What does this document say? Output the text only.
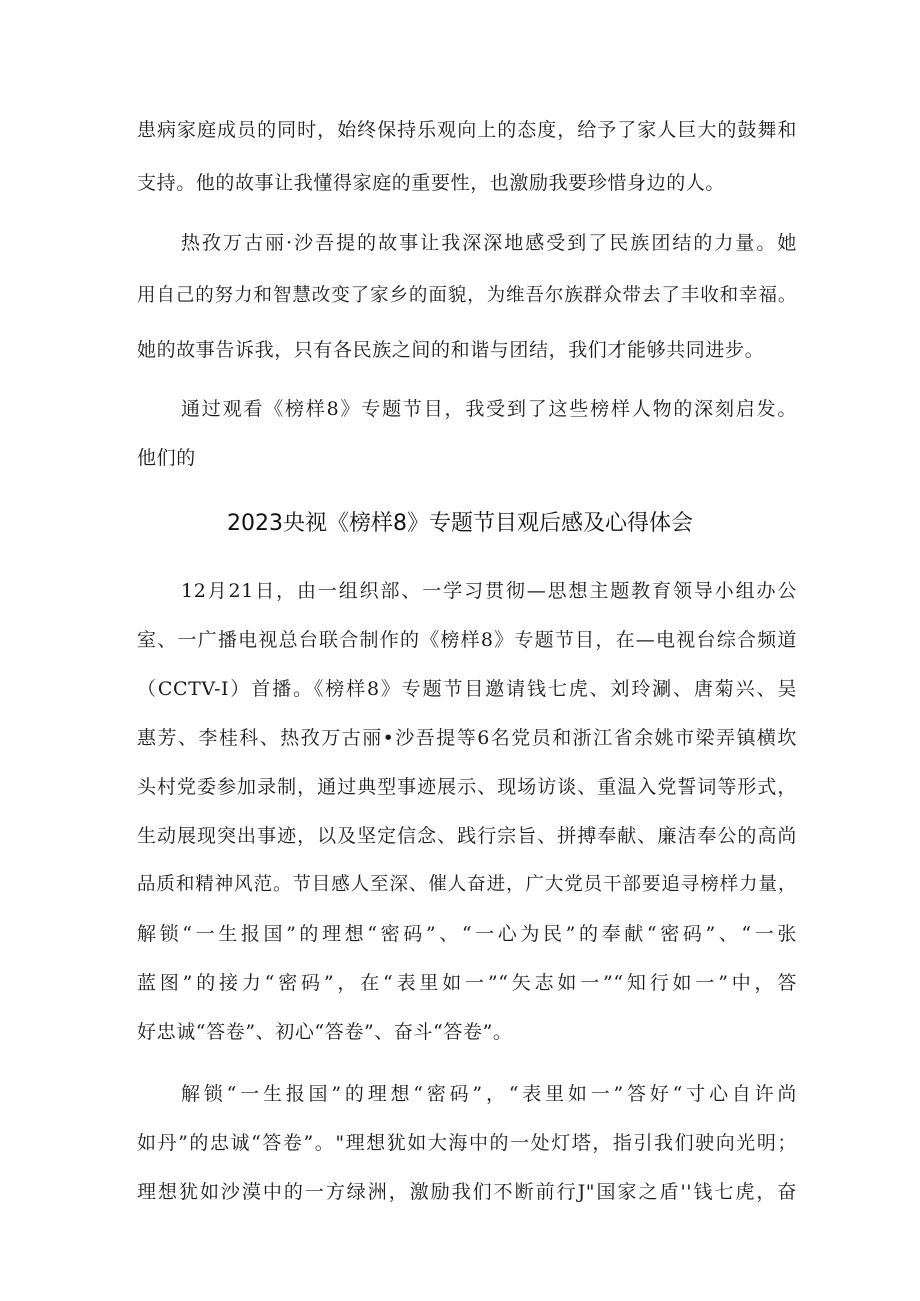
患病家庭成员的同时，始终保持乐观向上的态度，给予了家人巨大的鼓舞和
支持。他的故事让我懂得家庭的重要性，也激励我要珍惜身边的人。
热孜万古丽·沙吾提的故事让我深深地感受到了民族团结的力量。她
用自己的努力和智慧改变了家乡的面貌，为维吾尔族群众带去了丰收和幸福。
她的故事告诉我，只有各民族之间的和谐与团结，我们才能够共同进步。
通过观看《榜样8》专题节目，我受到了这些榜样人物的深刻启发。
他们的
2023央视《榜样8》专题节目观后感及心得体会
12月21日，由一组织部、一学习贯彻—思想主题教育领导小组办公
室、一广播电视总台联合制作的《榜样8》专题节目，在—电视台综合频道
（CCTV-I）首播。《榜样8》专题节目邀请钱七虎、刘玲涮、唐菊兴、吴
惠芳、李桂科、热孜万古丽•沙吾提等6名党员和浙江省余姚市梁弄镇横坎
头村党委参加录制，通过典型事迹展示、现场访谈、重温入党誓词等形式，
生动展现突出事迹，以及坚定信念、践行宗旨、拼搏奉献、廉洁奉公的高尚
品质和精神风范。节目感人至深、催人奋进，广大党员干部要追寻榜样力量，
解锁“一生报国”的理想“密码”、“一心为民”的奉献“密码”、“一张
蓝图”的接力“密码”，在“表里如一”“矢志如一”“知行如一”中，答
好忠诚“答卷”、初心“答卷”、奋斗“答卷”。
解锁“一生报国”的理想“密码”，“表里如一”答好“寸心自许尚
如丹”的忠诚“答卷”。"理想犹如大海中的一处灯塔，指引我们驶向光明；
理想犹如沙漠中的一方绿洲，激励我们不断前行J"国家之盾''钱七虎，奋
